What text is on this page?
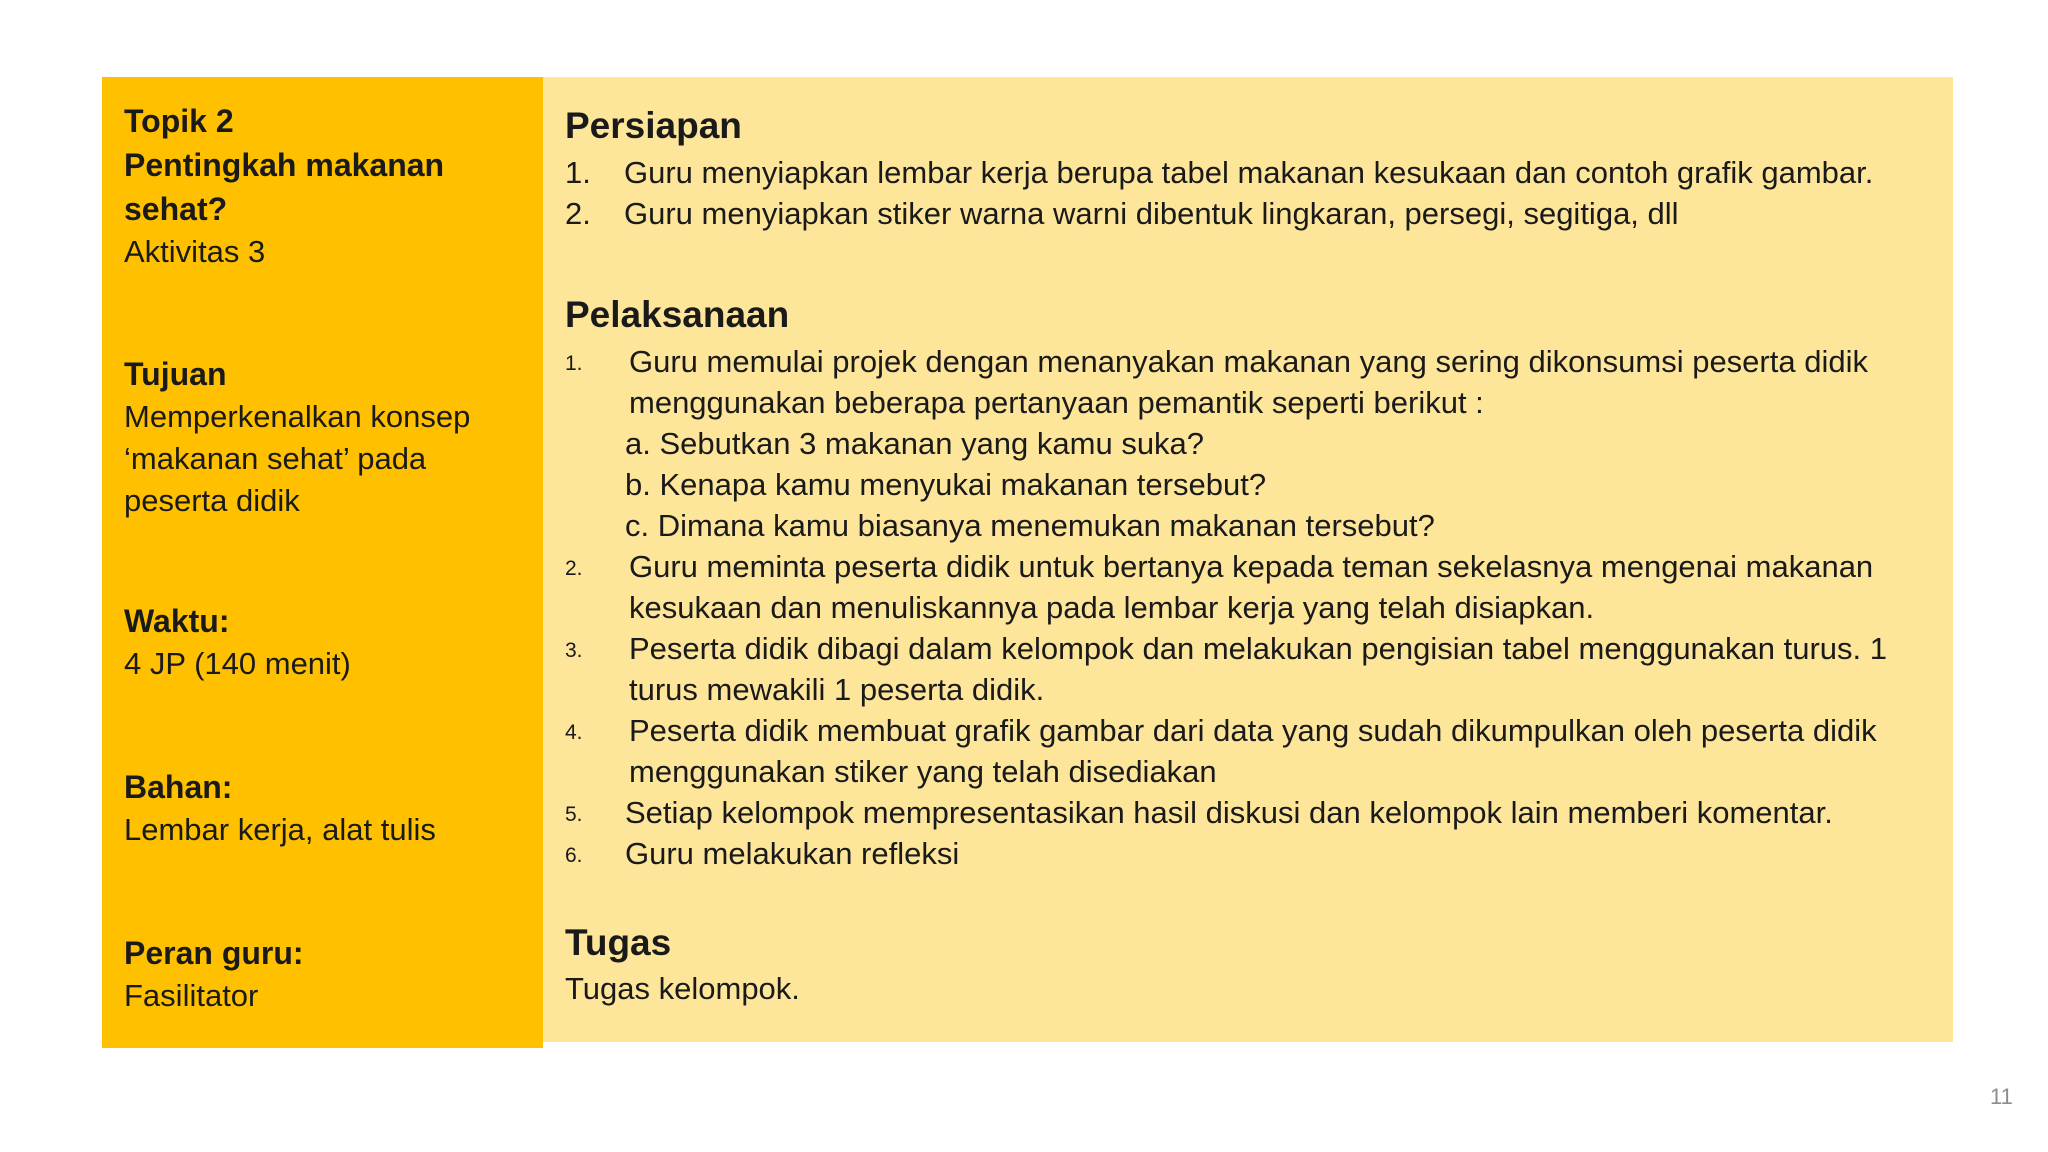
Topik 2

Pentingkah makanan

sehat?

Aktivitas 3

Tujuan

Memperkenalkan konsep

‘makanan sehat’ pada

peserta didik

Waktu:

4 JP (140 menit)

Bahan:

Lembar kerja, alat tulis

Peran guru:

Fasilitator

Persiapan

1. Guru menyiapkan lembar kerja berupa tabel makanan kesukaan dan contoh grafik gambar.
2. Guru menyiapkan stiker warna warni dibentuk lingkaran, persegi, segitiga, dll

Pelaksanaan

1. Guru memulai projek dengan menanyakan makanan yang sering dikonsumsi peserta didik
menggunakan beberapa pertanyaan pemantik seperti berikut :
a. Sebutkan 3 makanan yang kamu suka?
b. Kenapa kamu menyukai makanan tersebut?
c. Dimana kamu biasanya menemukan makanan tersebut?
2. Guru meminta peserta didik untuk bertanya kepada teman sekelasnya mengenai makanan
kesukaan dan menuliskannya pada lembar kerja yang telah disiapkan.
3. Peserta didik dibagi dalam kelompok dan melakukan pengisian tabel menggunakan turus. 1
turus mewakili 1 peserta didik.
4. Peserta didik membuat grafik gambar dari data yang sudah dikumpulkan oleh peserta didik
menggunakan stiker yang telah disediakan
5. Setiap kelompok mempresentasikan hasil diskusi dan kelompok lain memberi komentar.
6. Guru melakukan refleksi

Tugas

Tugas kelompok.

11
